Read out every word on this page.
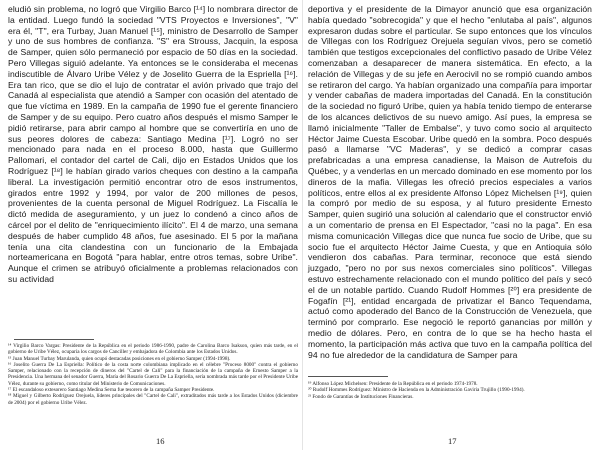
eludió sin problema, no logró que Virgilio Barco [¹⁴] lo nombrara director de la entidad. Luego fundó la sociedad "VTS Proyectos e Inversiones", "V" era él, "T", era Turbay, Juan Manuel [¹⁵], ministro de Desarrollo de Samper y uno de sus hombres de confianza. "S" era Strouss, Jacquin, la esposa de Samper, quien sólo permaneció por espacio de 50 días en la sociedad. Pero Villegas siguió adelante. Ya entonces se le consideraba el mecenas indiscutible de Álvaro Uribe Vélez y de Joselito Guerra de la Espriella [¹⁶]. Era tan rico, que se dio el lujo de contratar el avión privado que trajo del Canadá al especialista que atendió a Samper con ocasión del atentado de que fue víctima en 1989. En la campaña de 1990 fue el gerente financiero de Samper y de su equipo. Pero cuatro años después el mismo Samper le pidió retirarse, para abrir campo al hombre que se convertiría en uno de sus peores dolores de cabeza: Santiago Medina [¹⁷]. Logró no ser mencionado para nada en el proceso 8.000, hasta que Guillermo Pallomari, el contador del cartel de Cali, dijo en Estados Unidos que los Rodríguez [¹⁸] le habían girado varios cheques con destino a la campaña liberal. La investigación permitió encontrar otro de esos instrumentos, girados entre 1992 y 1994, por valor de 200 millones de pesos, provenientes de la cuenta personal de Miguel Rodríguez. La Fiscalía le dictó medida de aseguramiento, y un juez lo condenó a cinco años de cárcel por el delito de "enriquecimiento ilícito". El 4 de marzo, una semana después de haber cumplido 48 años, fue asesinado. El 5 por la mañana tenía una cita clandestina con un funcionario de la Embajada norteamericana en Bogotá "para hablar, entre otros temas, sobre Uribe". Aunque el crimen se atribuyó oficialmente a problemas relacionados con su actividad

¹⁴ Virgilio Barco Vargas: Presidente de la República en el periodo 1986-1990, padre de Carolina Barco Isakson, quien más tarde, en el gobierno de Uribe Vélez, ocuparía los cargos de Canciller y embajadora de Colombia ante los Estados Unidos.

¹⁵ Juan Manuel Turbay Marulanda, quien ocupó destacadas posiciones en el gobierno Samper (1994-1998).

¹⁶ Joselito Guerra De La Espriella: Político de la costa norte colombiana implicado en el célebre "Proceso 8000" contra el gobierno Samper, relacionado con la recepción de dineros del "Cartel de Cali" para la financiación de la campaña de Ernesto Samper a la Presidencia. Una hermana del senador Guerra, María del Rosario Guerra De La Espriella, sería nombrada más tarde por el Presidente Uribe Vélez, durante su gobierno, como titular del Ministerio de Comunicaciones.

¹⁷ El escandaloso extesorero Santiago Medina Serna fue tesorero de la campaña Samper Presidente.

¹⁸ Miguel y Gilberto Rodríguez Orejuela, líderes principales del "Cartel de Cali", extraditados más tarde a los Estados Unidos (diciembre de 2004) por el gobierno Uribe Vélez.

16

deportiva y el presidente de la Dimayor anunció que esa organización había quedado "sobrecogida" y que el hecho "enlutaba al país", algunos expresaron dudas sobre el particular. Se supo entonces que los vínculos de Villegas con los Rodríguez Orejuela seguían vivos, pero se cometió también que testigos excepcionales del conflictivo pasado de Uribe Vélez comenzaban a desaparecer de manera sistemática. En efecto, a la relación de Villegas y de su jefe en Aerocivil no se rompió cuando ambos se retiraron del cargo. Ya habían organizado una compañía para importar y vender cabañas de madera importadas del Canadá. En la constitución de la sociedad no figuró Uribe, quien ya había tenido tiempo de enterarse de los alcances delictivos de su nuevo amigo. Así pues, la empresa se llamó inicialmente "Taller de Embalse", y tuvo como socio al arquitecto Héctor Jaime Cuesta Escobar. Uribe quedó en la sombra. Poco después pasó a llamarse "VC Maderas", y se dedicó a comprar casas prefabricadas a una empresa canadiense, la Maison de Autrefois du Québec, y a venderlas en un mercado dominado en ese momento por los dineros de la mafia. Villegas les ofreció precios especiales a varios políticos, entre ellos al ex presidente Alfonso López Michelsen [¹⁹], quien la compró por medio de su esposa, y al futuro presidente Ernesto Samper, quien sugirió una solución al calendario que el constructor envió a un comentario de prensa en El Espectador, "casi no la paga". En esa misma comunicación Villegas dice que nunca fue socio de Uribe, que su socio fue el arquitecto Héctor Jaime Cuesta, y que en Antioquia sólo vendieron dos cabañas. Para terminar, reconoce que está siendo juzgado, "pero no por sus nexos comerciales sino políticos". Villegas estuvo estrechamente relacionado con el mundo político del país y secó el de un notable partido. Cuando Rudolf Hommes [²⁰] era presidente de Fogafín [²¹], entidad encargada de privatizar el Banco Tequendama, actuó como apoderado del Banco de la Construcción de Venezuela, que terminó por comprarlo. Ese negoció le reportó ganancias por millón y medio de dólares. Pero, en contra de lo que se ha hecho hasta el momento, la participación más activa que tuvo en la campaña política del 94 no fue alrededor de la candidatura de Samper para

¹⁹ Alfonso López Michelsen: Presidente de la República en el periodo 1974-1978.

²⁰ Rudolf Hommes Rodríguez: Ministro de Hacienda en la Administración Gaviria Trujillo (1990-1994).

²¹ Fondo de Garantías de Instituciones Financieras.

17
